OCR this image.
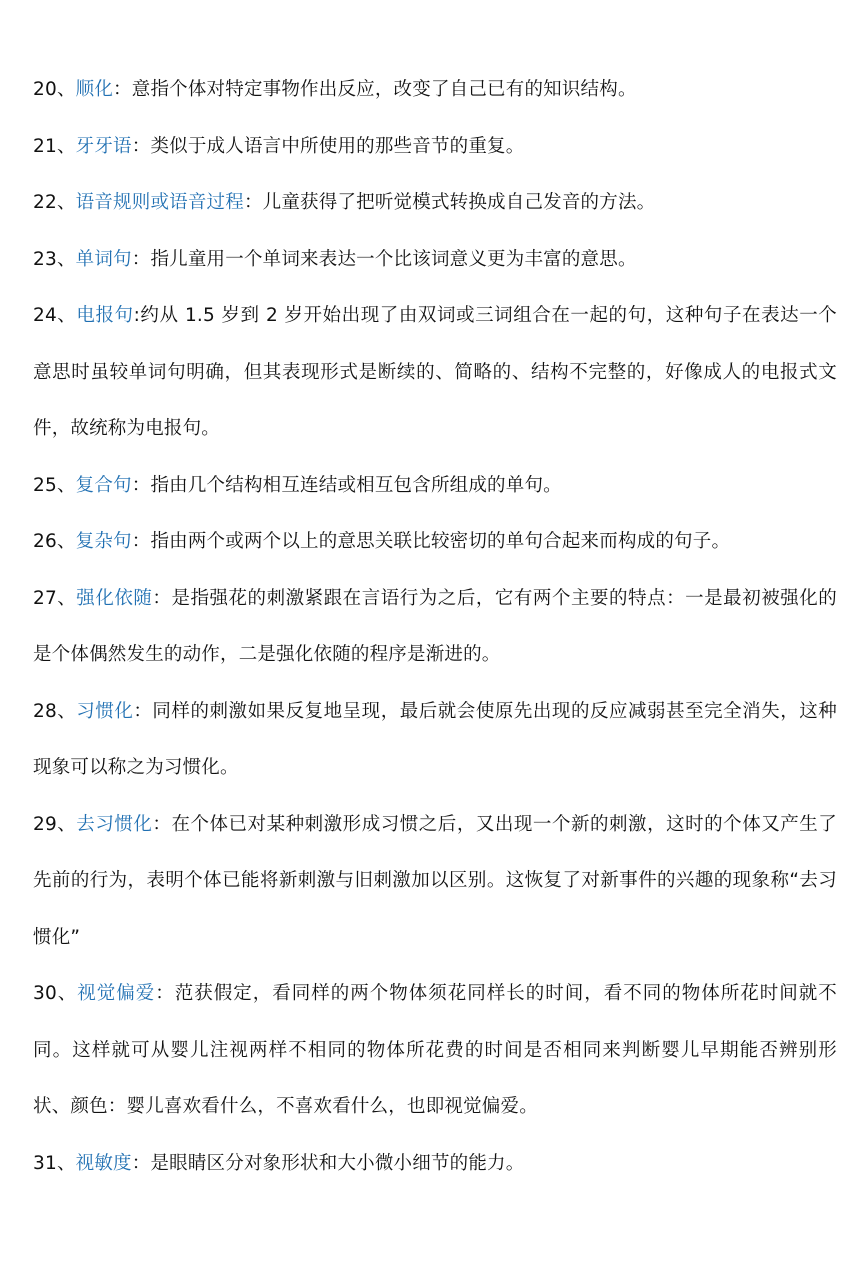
20、顺化：意指个体对特定事物作出反应，改变了自己已有的知识结构。

21、牙牙语：类似于成人语言中所使用的那些音节的重复。

22、语音规则或语音过程：儿童获得了把听觉模式转换成自己发音的方法。

23、单词句：指儿童用一个单词来表达一个比该词意义更为丰富的意思。

24、电报句:约从 1.5 岁到 2 岁开始出现了由双词或三词组合在一起的句，这种句子在表达一个意思时虽较单词句明确，但其表现形式是断续的、简略的、结构不完整的，好像成人的电报式文件，故统称为电报句。

25、复合句：指由几个结构相互连结或相互包含所组成的单句。

26、复杂句：指由两个或两个以上的意思关联比较密切的单句合起来而构成的句子。

27、强化依随：是指强花的刺激紧跟在言语行为之后，它有两个主要的特点：一是最初被强化的是个体偶然发生的动作，二是强化依随的程序是渐进的。

28、习惯化：同样的刺激如果反复地呈现，最后就会使原先出现的反应减弱甚至完全消失，这种现象可以称之为习惯化。

29、去习惯化：在个体已对某种刺激形成习惯之后，又出现一个新的刺激，这时的个体又产生了先前的行为，表明个体已能将新刺激与旧刺激加以区别。这恢复了对新事件的兴趣的现象称“去习惯化”

30、视觉偏爱：范获假定，看同样的两个物体须花同样长的时间，看不同的物体所花时间就不同。这样就可从婴儿注视两样不相同的物体所花费的时间是否相同来判断婴儿早期能否辨别形状、颜色：婴儿喜欢看什么，不喜欢看什么，也即视觉偏爱。

31、视敏度：是眼睛区分对象形状和大小微小细节的能力。
